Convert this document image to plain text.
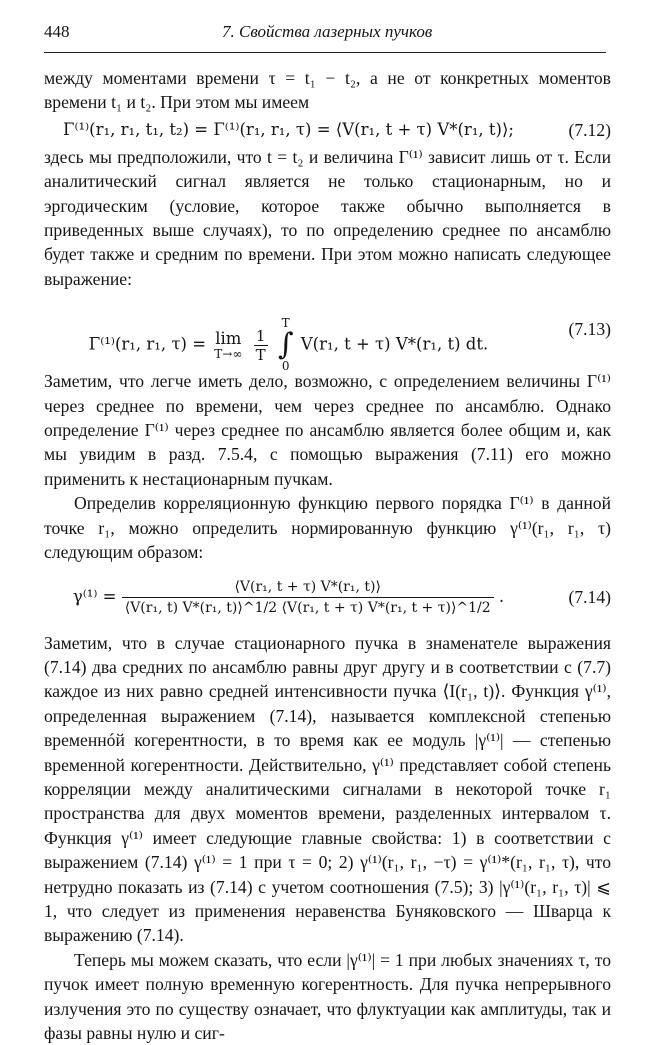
448	7. Свойства лазерных пучков

между моментами времени τ = t₁ − t₂, а не от конкретных моментов времени t₁ и t₂. При этом мы имеем

Γ⁽¹⁾(r₁, r₁, t₁, t₂) = Γ⁽¹⁾(r₁, r₁, τ) = ⟨V(r₁, t + τ) V*(r₁, t)⟩;	(7.12)

здесь мы предположили, что t = t₂ и величина Γ⁽¹⁾ зависит лишь от τ. Если аналитический сигнал является не только стационарным, но и эргодическим (условие, которое также обычно выполняется в приведенных выше случаях), то по определению среднее по ансамблю будет также и средним по времени. При этом можно написать следующее выражение:

Γ⁽¹⁾(r₁, r₁, τ) = lim
T→∞
$\frac{1}{T}$

T
∫
0
V(r₁, t + τ) V*(r₁, t) dt.
(7.13)

Заметим, что легче иметь дело, возможно, с определением величины Γ⁽¹⁾ через среднее по времени, чем через среднее по ансамблю. Однако определение Γ⁽¹⁾ через среднее по ансамблю является более общим и, как мы увидим в разд. 7.5.4, с помощью выражения (7.11) его можно применить к нестационарным пучкам.

Определив корреляционную функцию первого порядка Γ⁽¹⁾ в данной точке r₁, можно определить нормированную функцию γ⁽¹⁾(r₁, r₁, τ) следующим образом:

$\gamma^{(1)} = \frac{\text{⟨V(r₁, t + τ) V*(r₁, t)⟩}}{\text{⟨V(r₁, t) V*(r₁, t)⟩\textasciicircum{}1/2 ⟨V(r₁, t + τ) V*(r₁, t + τ)⟩\textasciicircum{}1/2}}$ .	(7.14)

Заметим, что в случае стационарного пучка в знаменателе выражения (7.14) два средних по ансамблю равны друг другу и в соответствии с (7.7) каждое из них равно средней интенсивности пучка ⟨I(r₁, t)⟩. Функция γ⁽¹⁾, определенная выражением (7.14), называется комплексной степенью временнóй когерентности, в то время как ее модуль |γ⁽¹⁾| — степенью временной когерентности. Действительно, γ⁽¹⁾ представляет собой степень корреляции между аналитическими сигналами в некоторой точке r₁ пространства для двух моментов времени, разделенных интервалом τ. Функция γ⁽¹⁾ имеет следующие главные свойства: 1) в соответствии с выражением (7.14) γ⁽¹⁾ = 1 при τ = 0; 2) γ⁽¹⁾(r₁, r₁, −τ) = γ⁽¹⁾*(r₁, r₁, τ), что нетрудно показать из (7.14) с учетом соотношения (7.5); 3) |γ⁽¹⁾(r₁, r₁, τ)| ⩽ 1, что следует из применения неравенства Буняковского — Шварца к выражению (7.14).

Теперь мы можем сказать, что если |γ⁽¹⁾| = 1 при любых значениях τ, то пучок имеет полную временную когерентность. Для пучка непрерывного излучения это по существу означает, что флуктуации как амплитуды, так и фазы равны нулю и сиг-
